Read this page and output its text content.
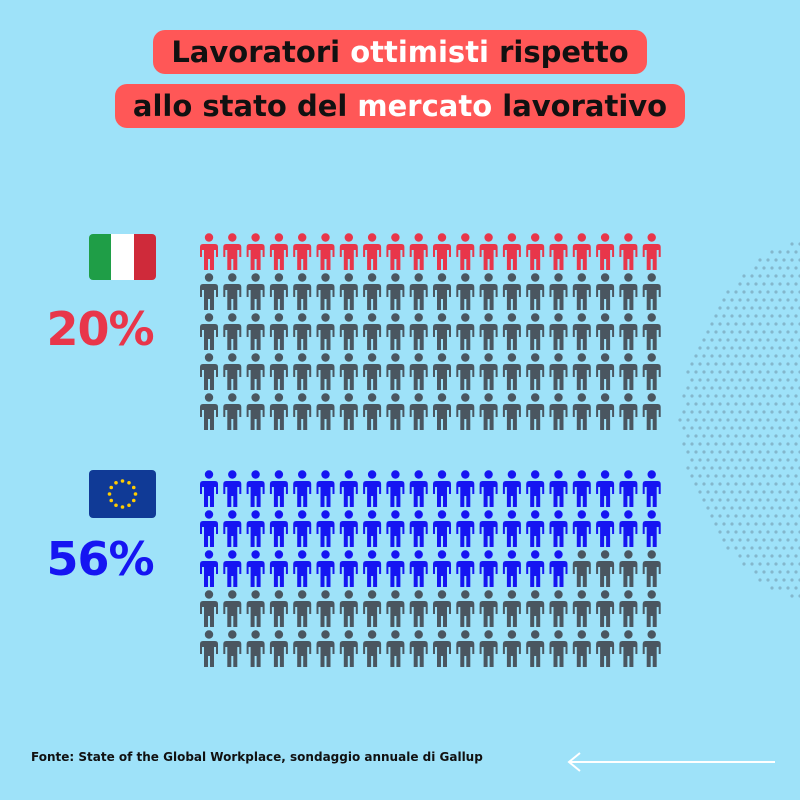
Lavoratori ottimisti rispetto
allo stato del mercato lavorativo
20%
56%
Fonte: State of the Global Workplace, sondaggio annuale di Gallup
